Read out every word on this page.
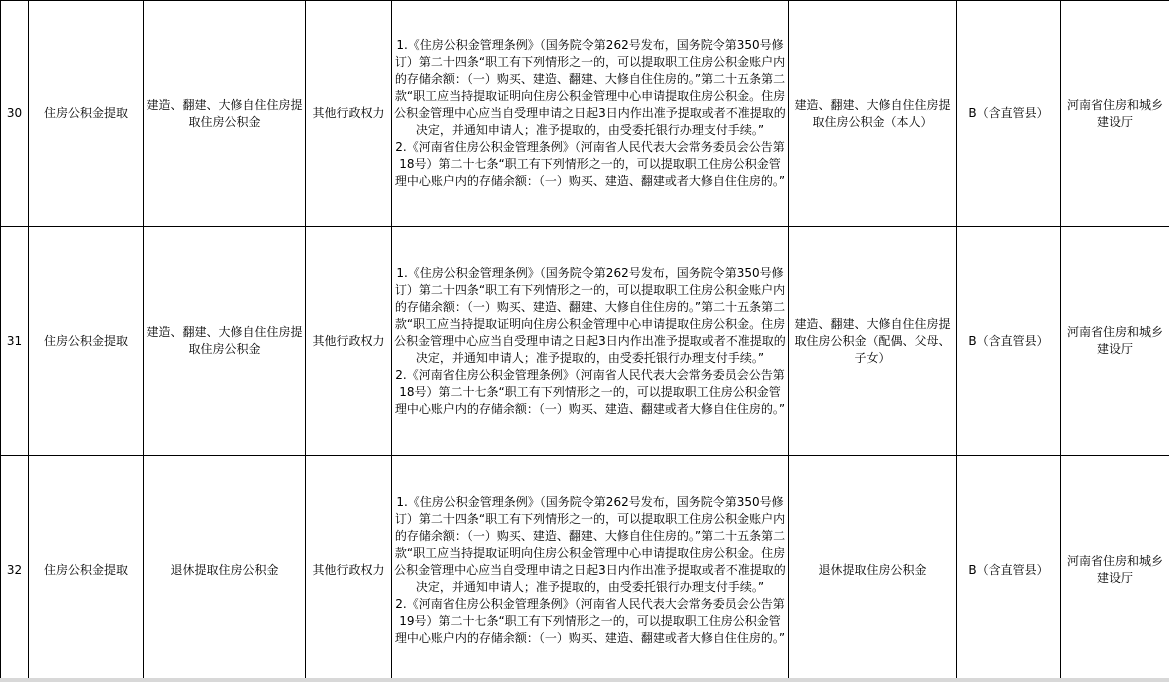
30	住房公积金提取	建造、翻建、大修自住住房提取住房公积金	其他行政权力	1.《住房公积金管理条例》（国务院令第262号发布，国务院令第350号修订）第二十四条“职工有下列情形之一的，可以提取职工住房公积金账户内的存储余额：（一）购买、建造、翻建、大修自住住房的。”第二十五条第二款“职工应当持提取证明向住房公积金管理中心申请提取住房公积金。住房公积金管理中心应当自受理申请之日起3日内作出准予提取或者不准提取的决定，并通知申请人；准予提取的，由受委托银行办理支付手续。”
2.《河南省住房公积金管理条例》（河南省人民代表大会常务委员会公告第18号）第二十七条“职工有下列情形之一的，可以提取职工住房公积金管理中心账户内的存储余额：（一）购买、建造、翻建或者大修自住住房的。”	建造、翻建、大修自住住房提取住房公积金（本人）	B（含直管县）	河南省住房和城乡建设厅
31	住房公积金提取	建造、翻建、大修自住住房提取住房公积金	其他行政权力	1.《住房公积金管理条例》（国务院令第262号发布，国务院令第350号修订）第二十四条“职工有下列情形之一的，可以提取职工住房公积金账户内的存储余额：（一）购买、建造、翻建、大修自住住房的。”第二十五条第二款“职工应当持提取证明向住房公积金管理中心申请提取住房公积金。住房公积金管理中心应当自受理申请之日起3日内作出准予提取或者不准提取的决定，并通知申请人；准予提取的，由受委托银行办理支付手续。”
2.《河南省住房公积金管理条例》（河南省人民代表大会常务委员会公告第18号）第二十七条“职工有下列情形之一的，可以提取职工住房公积金管理中心账户内的存储余额：（一）购买、建造、翻建或者大修自住住房的。”	建造、翻建、大修自住住房提取住房公积金（配偶、父母、子女）	B（含直管县）	河南省住房和城乡建设厅
32	住房公积金提取	退休提取住房公积金	其他行政权力	1.《住房公积金管理条例》（国务院令第262号发布，国务院令第350号修订）第二十四条“职工有下列情形之一的，可以提取职工住房公积金账户内的存储余额：（一）购买、建造、翻建、大修自住住房的。”第二十五条第二款“职工应当持提取证明向住房公积金管理中心申请提取住房公积金。住房公积金管理中心应当自受理申请之日起3日内作出准予提取或者不准提取的决定，并通知申请人；准予提取的，由受委托银行办理支付手续。”
2.《河南省住房公积金管理条例》（河南省人民代表大会常务委员会公告第19号）第二十七条“职工有下列情形之一的，可以提取职工住房公积金管理中心账户内的存储余额：（一）购买、建造、翻建或者大修自住住房的。”	退休提取住房公积金	B（含直管县）	河南省住房和城乡建设厅
